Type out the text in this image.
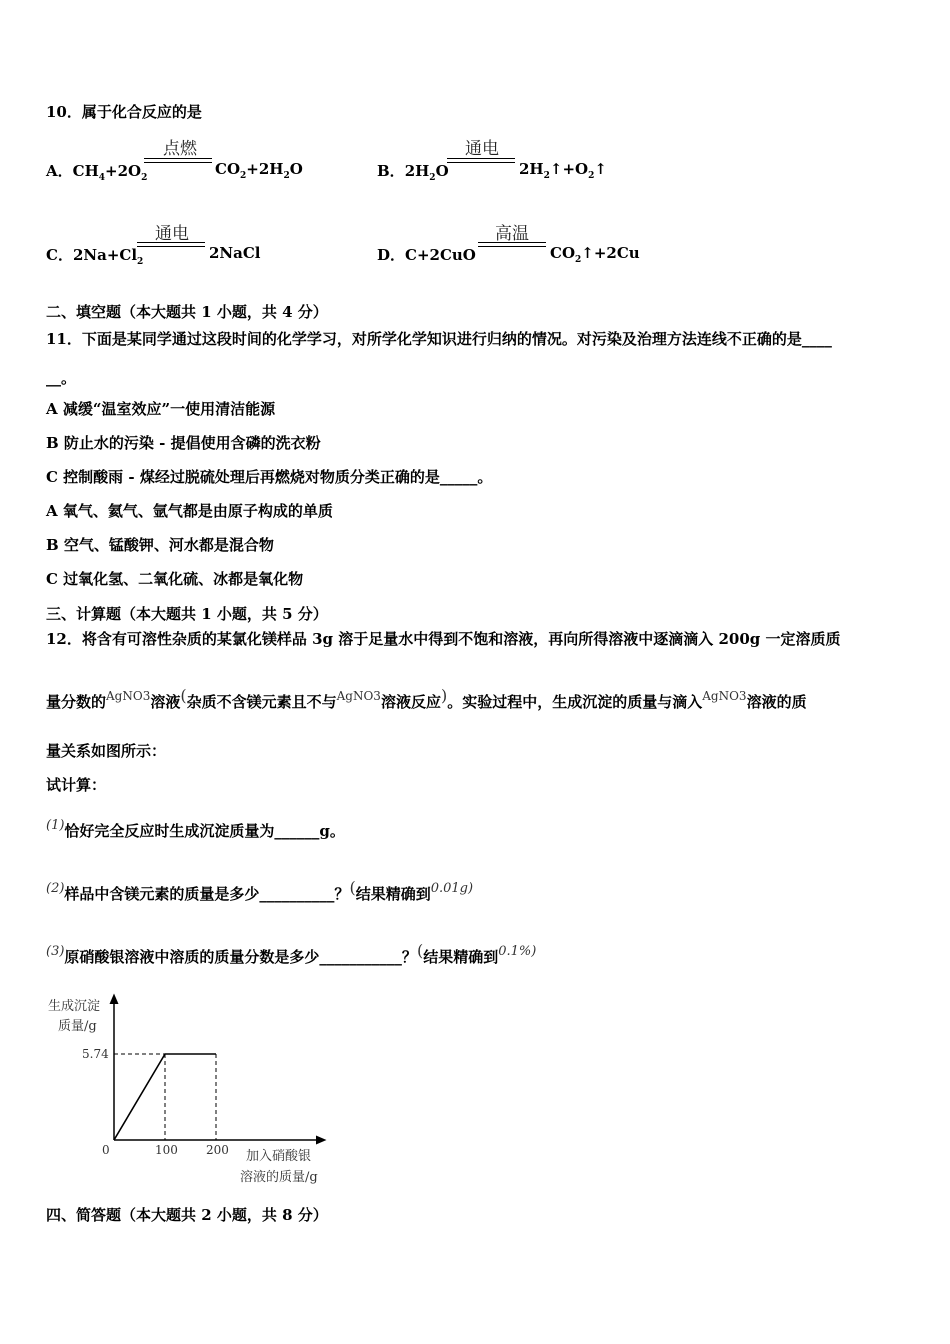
10．属于化合反应的是
A．$CH_4+2O_2$
点燃
$CO_2+2H_2O$	B．$2H_2O$
通电
$2H_2↑+O_2↑$
C．$2Na+Cl_2$
通电
2NaCl	D．C+2CuO
高温
$CO_2↑+2Cu$
二、填空题（本大题共 1 小题，共 4 分）
11．下面是某同学通过这段时间的化学学习，对所学化学知识进行归纳的情况。对污染及治理方法连线不正确的是____
__。
A 减缓“温室效应”一使用清洁能源
B 防止水的污染 - 提倡使用含磷的洗衣粉
C 控制酸雨 - 煤经过脱硫处理后再燃烧对物质分类正确的是_____。
A 氧气、氦气、氩气都是由原子构成的单质
B 空气、锰酸钾、河水都是混合物
C 过氧化氢、二氧化硫、冰都是氧化物
三、计算题（本大题共 1 小题，共 5 分）
12．将含有可溶性杂质的某氯化镁样品 3g 溶于足量水中得到不饱和溶液，再向所得溶液中逐滴滴入 200g 一定溶质质
量分数的$^{AgNO3}$溶液(杂质不含镁元素且不与$^{AgNO3}$溶液反应)。实验过程中，生成沉淀的质量与滴入$^{AgNO3}$溶液的质
量关系如图所示：
试计算：
(1)恰好完全反应时生成沉淀质量为______g。
(2)样品中含镁元素的质量是多少__________？(结果精确到0.01g)
(3)原硝酸银溶液中溶质的质量分数是多少___________？(结果精确到0.1%)
100 200
5.74
生成沉淀
质量/g
0	加入硝酸银
溶液的质量/g
四、简答题（本大题共 2 小题，共 8 分）
